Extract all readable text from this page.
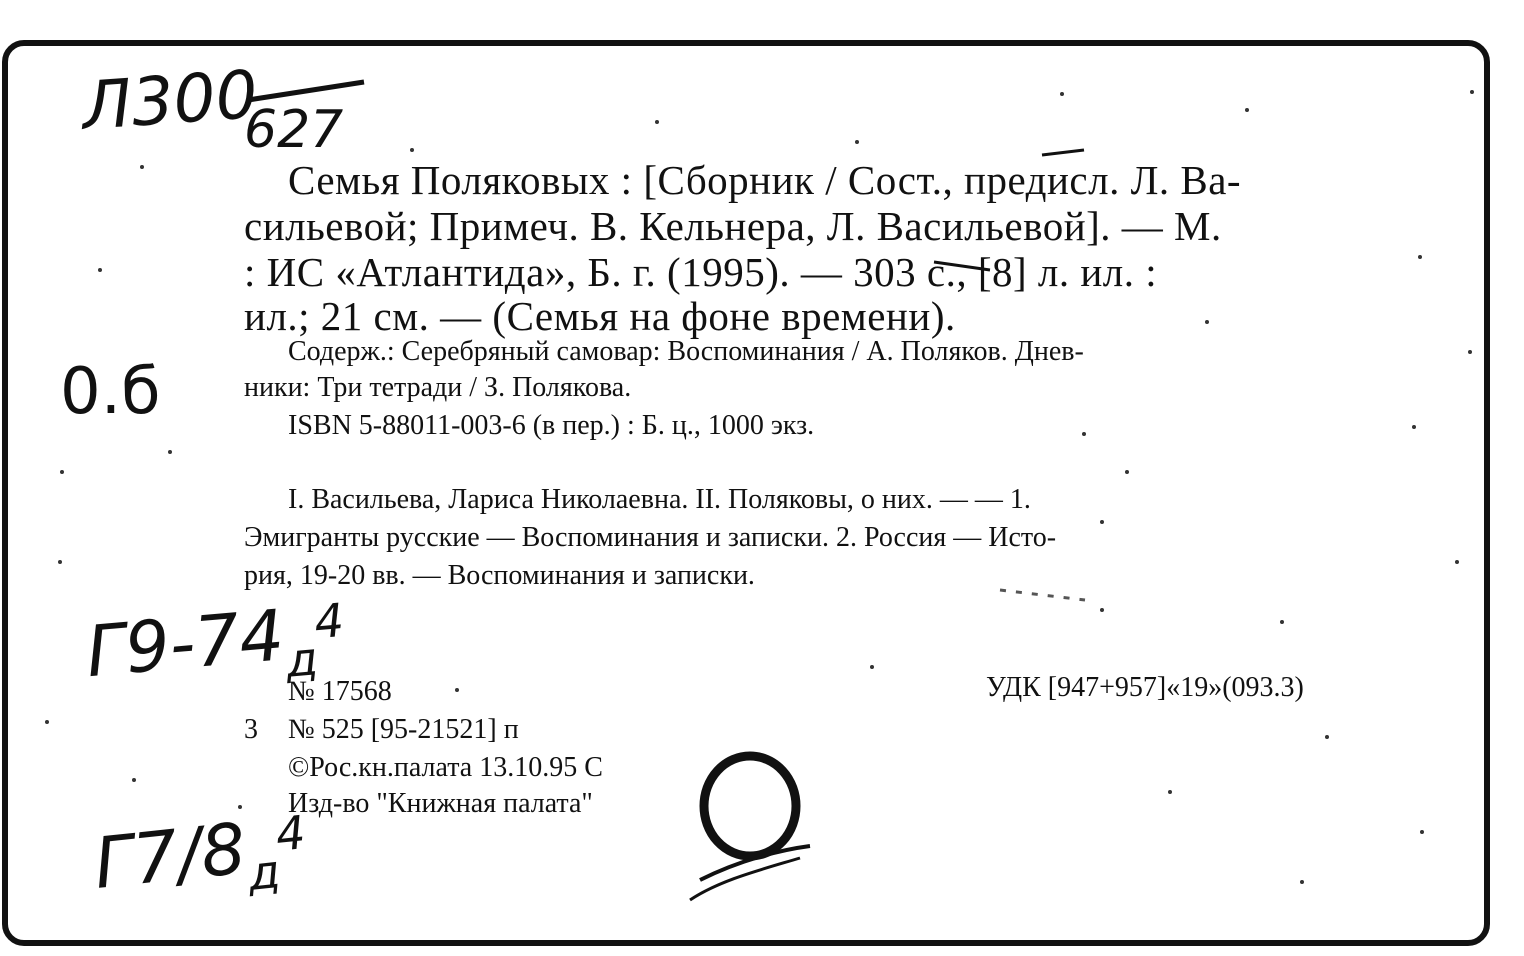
Л300
627
0.б
Семья Поляковых : [Сборник / Сост., предисл. Л. Ва-
сильевой; Примеч. В. Кельнера, Л. Васильевой]. — М.
: ИС «Атлантида», Б. г. (1995). — 303 с., [8] л. ил. :
ил.; 21 см. — (Семья на фоне времени).
Содерж.: Серебряный самовар: Воспоминания / А. Поляков. Днев-
ники: Три тетради / З. Полякова.
ISBN 5-88011-003-6 (в пер.) : Б. ц., 1000 экз.
I. Васильева, Лариса Николаевна. II. Поляковы, о них. — — 1.
Эмигранты русские — Воспоминания и записки. 2. Россия — Исто-
рия, 19-20 вв. — Воспоминания и записки.
$Г9-74_д^4$
№ 17568	УДК [947+957]«19»(093.3)
3 № 525 [95-21521] п
©Рос.кн.палата 13.10.95 С
Изд-во "Книжная палата"
$Г7/8_д^4$
